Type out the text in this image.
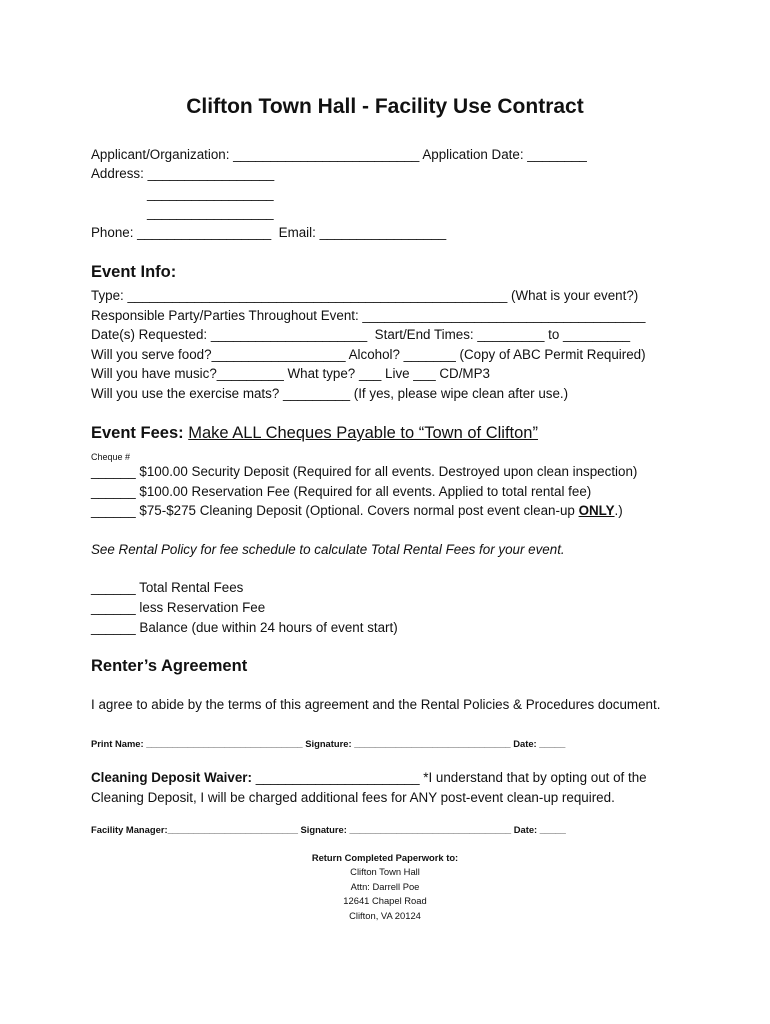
Clifton Town Hall - Facility Use Contract
Applicant/Organization: _________________________ Application Date: ________
Address: _________________
_________________
_________________
Phone: __________________  Email: _________________
Event Info:
Type: ___________________________________________________ (What is your event?)
Responsible Party/Parties Throughout Event: ______________________________________
Date(s) Requested: _____________________  Start/End Times: _________ to _________
Will you serve food?__________________ Alcohol? _______ (Copy of ABC Permit Required)
Will you have music?_________ What type? ___ Live ___ CD/MP3
Will you use the exercise mats? _________ (If yes, please wipe clean after use.)
Event Fees: Make ALL Cheques Payable to “Town of Clifton”
Cheque #
______ $100.00 Security Deposit (Required for all events. Destroyed upon clean inspection)
______ $100.00 Reservation Fee (Required for all events. Applied to total rental fee)
______ $75-$275 Cleaning Deposit (Optional. Covers normal post event clean-up ONLY.)
See Rental Policy for fee schedule to calculate Total Rental Fees for your event.
______ Total Rental Fees
______ less Reservation Fee
______ Balance (due within 24 hours of event start)
Renter’s Agreement
I agree to abide by the terms of this agreement and the Rental Policies & Procedures document.
Print Name: ______________________________ Signature: ______________________________ Date: _____
Cleaning Deposit Waiver: ______________________ *I understand that by opting out of the
Cleaning Deposit, I will be charged additional fees for ANY post-event clean-up required.
Facility Manager:_________________________ Signature: _______________________________ Date: _____
Return Completed Paperwork to:
Clifton Town Hall
Attn: Darrell Poe
12641 Chapel Road
Clifton, VA 20124
